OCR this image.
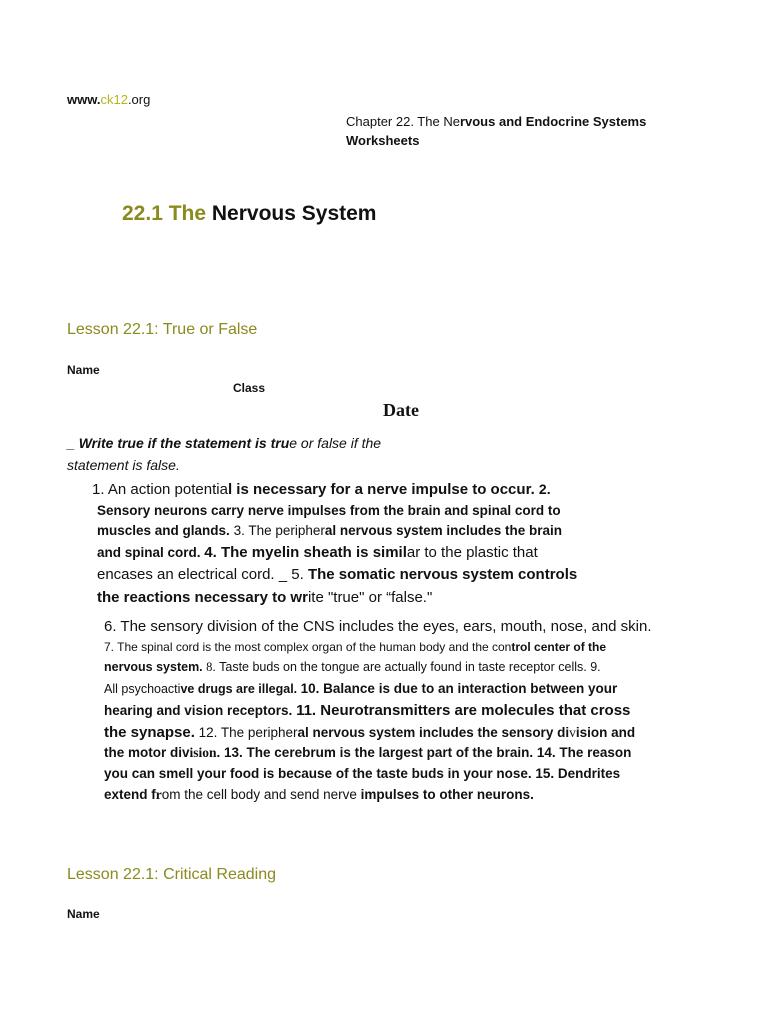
www.ck12.org
Chapter 22. The Nervous and Endocrine Systems
Worksheets
22.1 The Nervous System
Lesson 22.1: True or False
Name
Class
Date
_ Write true if the statement is true or false if the
statement is false.
1. An action potential is necessary for a nerve impulse to occur. 2.
Sensory neurons carry nerve impulses from the brain and spinal cord to
muscles and glands. 3. The peripheral nervous system includes the brain
and spinal cord. 4. The myelin sheath is similar to the plastic that
encases an electrical cord. _ 5. The somatic nervous system controls
the reactions necessary to write "true" or “false."
6. The sensory division of the CNS includes the eyes, ears, mouth, nose, and skin.
7. The spinal cord is the most complex organ of the human body and the control center of the
nervous system. 8. Taste buds on the tongue are actually found in taste receptor cells. 9.
All psychoactive drugs are illegal. 10. Balance is due to an interaction between your
hearing and vision receptors. 11. Neurotransmitters are molecules that cross
the synapse. 12. The peripheral nervous system includes the sensory division and
the motor division. 13. The cerebrum is the largest part of the brain. 14. The reason
you can smell your food is because of the taste buds in your nose. 15. Dendrites
extend from the cell body and send nerve impulses to other neurons.
Lesson 22.1: Critical Reading
Name
